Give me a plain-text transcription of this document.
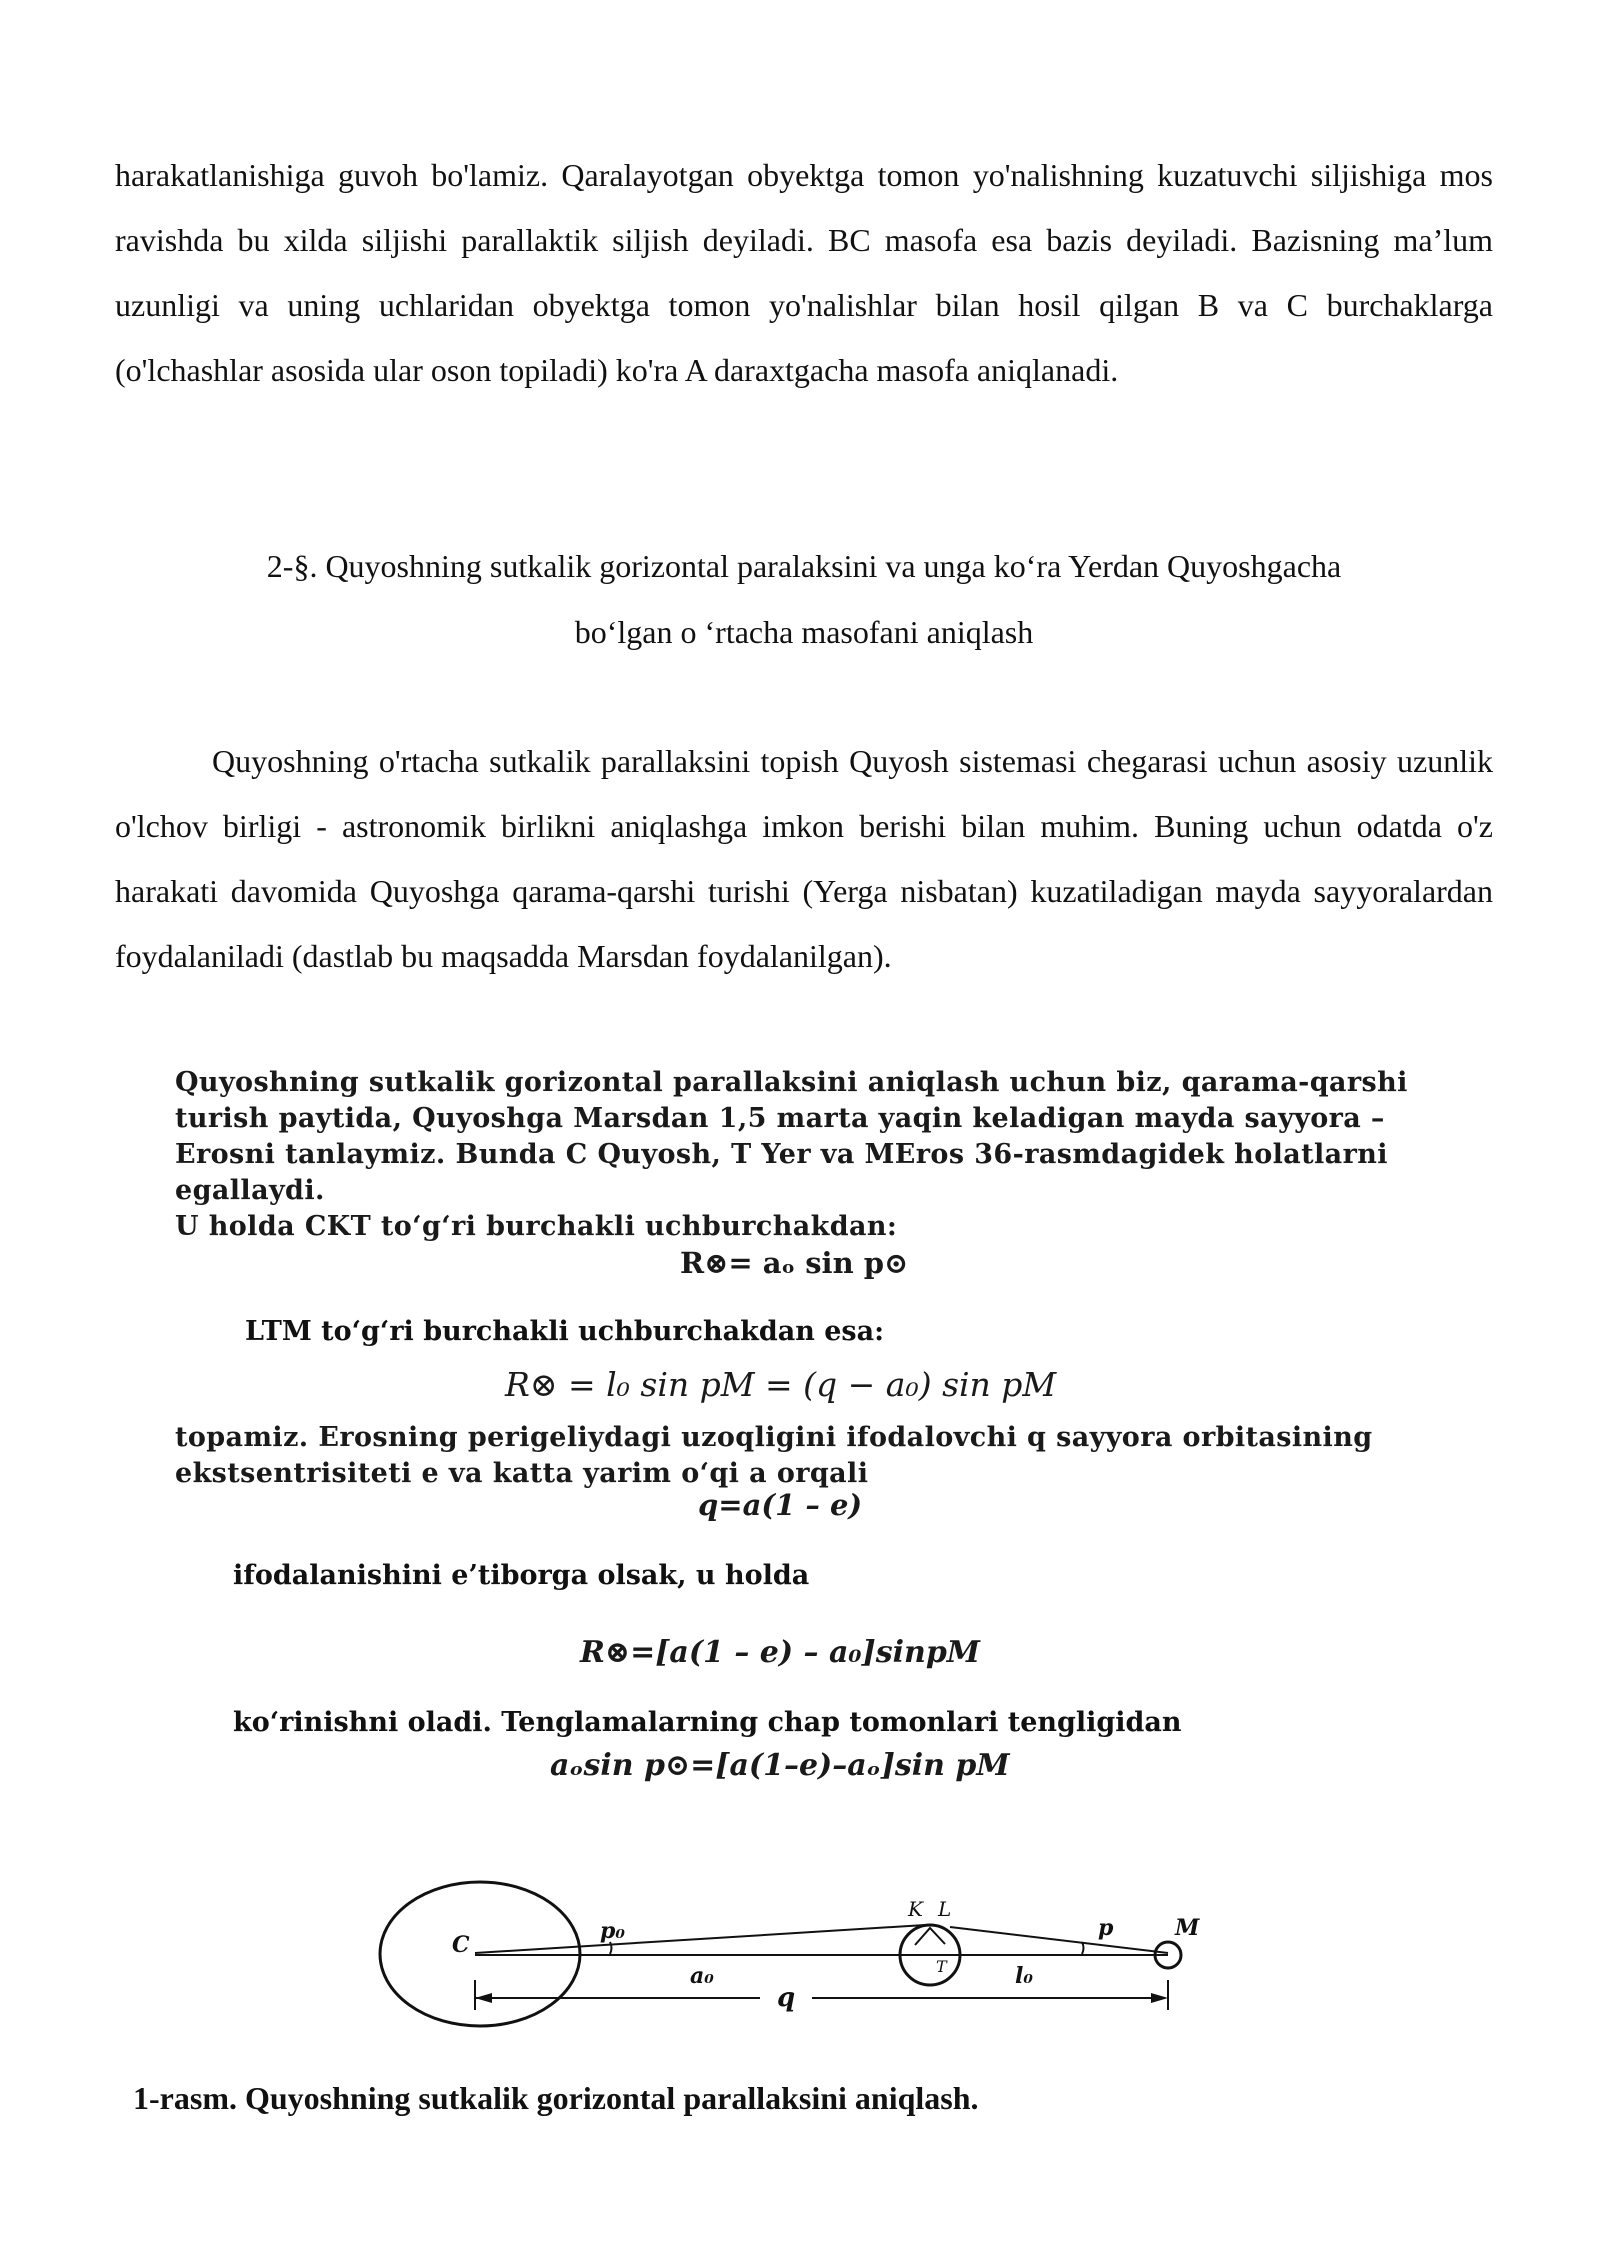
harakatlanishiga guvoh bo'lamiz. Qaralayotgan obyektga tomon yo'nalishning kuzatuvchi siljishiga mos ravishda bu xilda siljishi parallaktik siljish deyiladi. BC masofa esa bazis deyiladi. Bazisning ma’lum uzunligi va uning uchlaridan obyektga tomon yo'nalishlar bilan hosil qilgan B va C burchaklarga (o'lchashlar asosida ular oson topiladi) ko'ra A daraxtgacha masofa aniqlanadi.

2-§. Quyoshning sutkalik gorizontal paralaksini va unga ko‘ra Yerdan Quyoshgacha
bo‘lgan o ‘rtacha masofani aniqlash

Quyoshning o'rtacha sutkalik parallaksini topish Quyosh sistemasi chegarasi uchun asosiy uzunlik o'lchov birligi - astronomik birlikni aniqlashga imkon berishi bilan muhim. Buning uchun odatda o'z harakati davomida Quyoshga qarama-qarshi turishi (Yerga nisbatan) kuzatiladigan mayda sayyoralardan foydalaniladi (dastlab bu maqsadda Marsdan foydalanilgan).

Quyoshning sutkalik gorizontal parallaksini aniqlash uchun biz, qarama-qarshi turish paytida, Quyoshga Marsdan 1,5 marta yaqin keladigan mayda sayyora – Erosni tanlaymiz. Bunda C Quyosh, T Yer va MEros 36-rasmdagidek holatlarni egallaydi.
U holda CKT to‘g‘ri burchakli uchburchakdan:

R⊗= aₒ sin p⊙
LTM to‘g‘ri burchakli uchburchakdan esa:
R⊗ = l₀ sin pM = (q − a₀) sin pM

topamiz. Erosning perigeliydagi uzoqligini ifodalovchi q sayyora orbitasining ekstsentrisiteti e va katta yarim o‘qi a orqali

q=a(1 – e)
ifodalanishini e’tiborga olsak, u holda
R⊗=[a(1 – e) – a₀]sinpM
ko‘rinishni oladi. Tenglamalarning chap tomonlari tengligidan
aₒsin p⊙=[a(1–e)–aₒ]sin pM
C
p₀
a₀
K L
T	l₀
p	M
q
1-rasm. Quyoshning sutkalik gorizontal parallaksini aniqlash.
